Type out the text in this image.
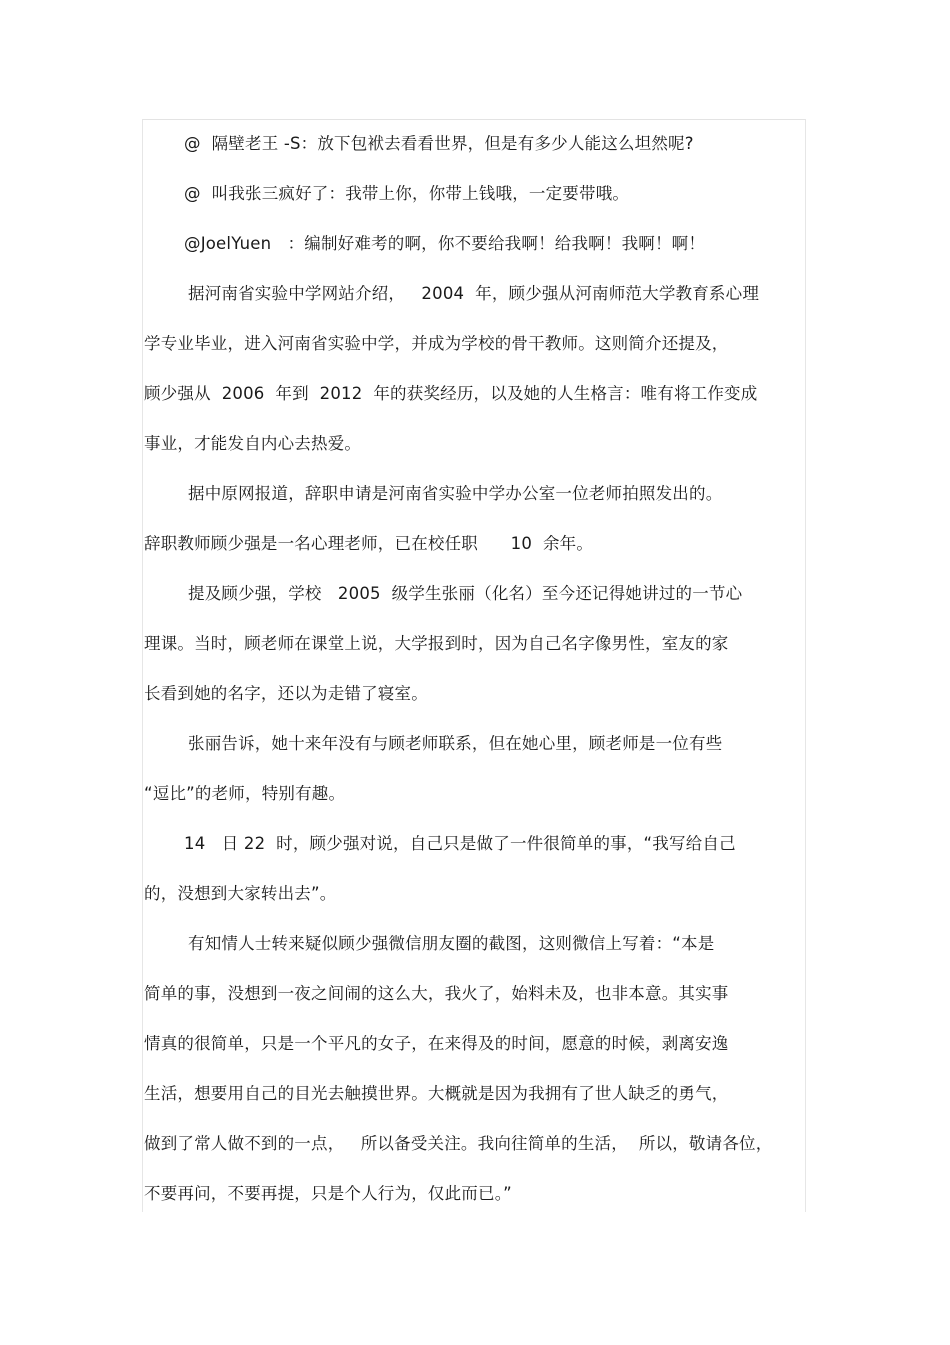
@  隔壁老王 -S：放下包袱去看看世界，但是有多少人能这么坦然呢?
@  叫我张三疯好了：我带上你，你带上钱哦，一定要带哦。
@JoelYuen   ：编制好难考的啊，你不要给我啊！给我啊！我啊！啊！
据河南省实验中学网站介绍，   2004  年，顾少强从河南师范大学教育系心理
学专业毕业，进入河南省实验中学，并成为学校的骨干教师。这则简介还提及，
顾少强从  2006  年到  2012  年的获奖经历，以及她的人生格言：唯有将工作变成
事业，才能发自内心去热爱。
据中原网报道，辞职申请是河南省实验中学办公室一位老师拍照发出的。
辞职教师顾少强是一名心理老师，已在校任职      10  余年。
提及顾少强，学校   2005  级学生张丽（化名）至今还记得她讲过的一节心
理课。当时，顾老师在课堂上说，大学报到时，因为自己名字像男性，室友的家
长看到她的名字，还以为走错了寝室。
张丽告诉，她十来年没有与顾老师联系，但在她心里，顾老师是一位有些
“逗比”的老师，特别有趣。
14   日 22  时，顾少强对说，自己只是做了一件很简单的事，“我写给自己
的，没想到大家转出去”。
有知情人士转来疑似顾少强微信朋友圈的截图，这则微信上写着：“本是
简单的事，没想到一夜之间闹的这么大，我火了，始料未及，也非本意。其实事
情真的很简单，只是一个平凡的女子，在来得及的时间，愿意的时候，剥离安逸
生活，想要用自己的目光去触摸世界。大概就是因为我拥有了世人缺乏的勇气，
做到了常人做不到的一点，   所以备受关注。我向往简单的生活，  所以，敬请各位，
不要再问，不要再提，只是个人行为，仅此而已。”
